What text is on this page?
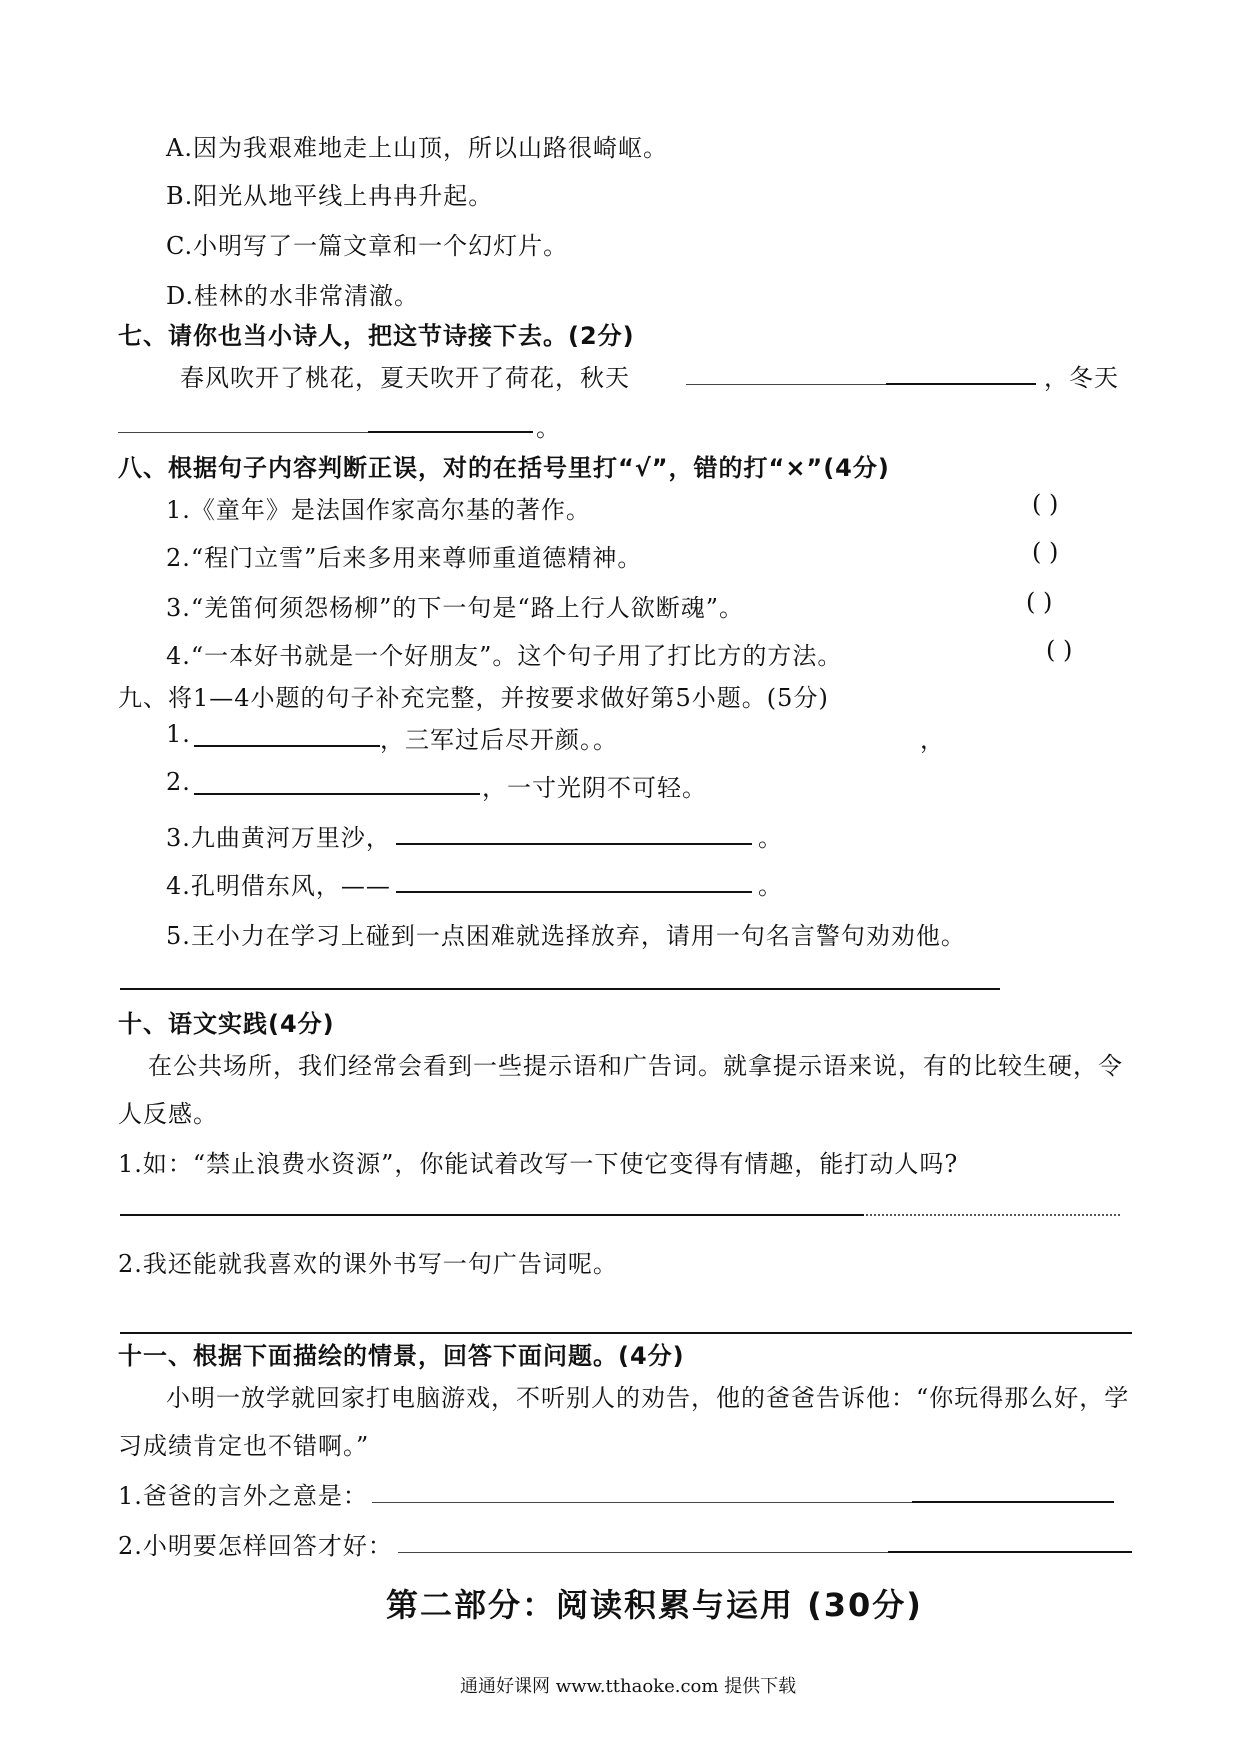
A.因为我艰难地走上山顶，所以山路很崎岖。
B.阳光从地平线上冉冉升起。
C.小明写了一篇文章和一个幻灯片。
D.桂林的水非常清澈。
七、请你也当小诗人，把这节诗接下去。(2分)
春风吹开了桃花，夏天吹开了荷花，秋天	，冬天
。
八、根据句子内容判断正误，对的在括号里打“√”，错的打“×”(4分)
1.《童年》是法国作家高尔基的著作。	( )
2.“程门立雪”后来多用来尊师重道德精神。	( )
3.“羌笛何须怨杨柳”的下一句是“路上行人欲断魂”。	( )
4.“一本好书就是一个好朋友”。这个句子用了打比方的方法。	( )
九、将1—4小题的句子补充完整，并按要求做好第5小题。(5分)
1.	，三军过后尽开颜。。	，
2.	，一寸光阴不可轻。
3.九曲黄河万里沙，	。
4.孔明借东风，——	。
5.王小力在学习上碰到一点困难就选择放弃，请用一句名言警句劝劝他。
十、语文实践(4分)
在公共场所，我们经常会看到一些提示语和广告词。就拿提示语来说，有的比较生硬，令
人反感。
1.如：“禁止浪费水资源”，你能试着改写一下使它变得有情趣，能打动人吗?
2.我还能就我喜欢的课外书写一句广告词呢。
十一、根据下面描绘的情景，回答下面问题。(4分)
小明一放学就回家打电脑游戏，不听别人的劝告，他的爸爸告诉他：“你玩得那么好，学
习成绩肯定也不错啊。”
1.爸爸的言外之意是：
2.小明要怎样回答才好：
第二部分：阅读积累与运用 (30分)
通通好课网 www.tthaoke.com 提供下载
